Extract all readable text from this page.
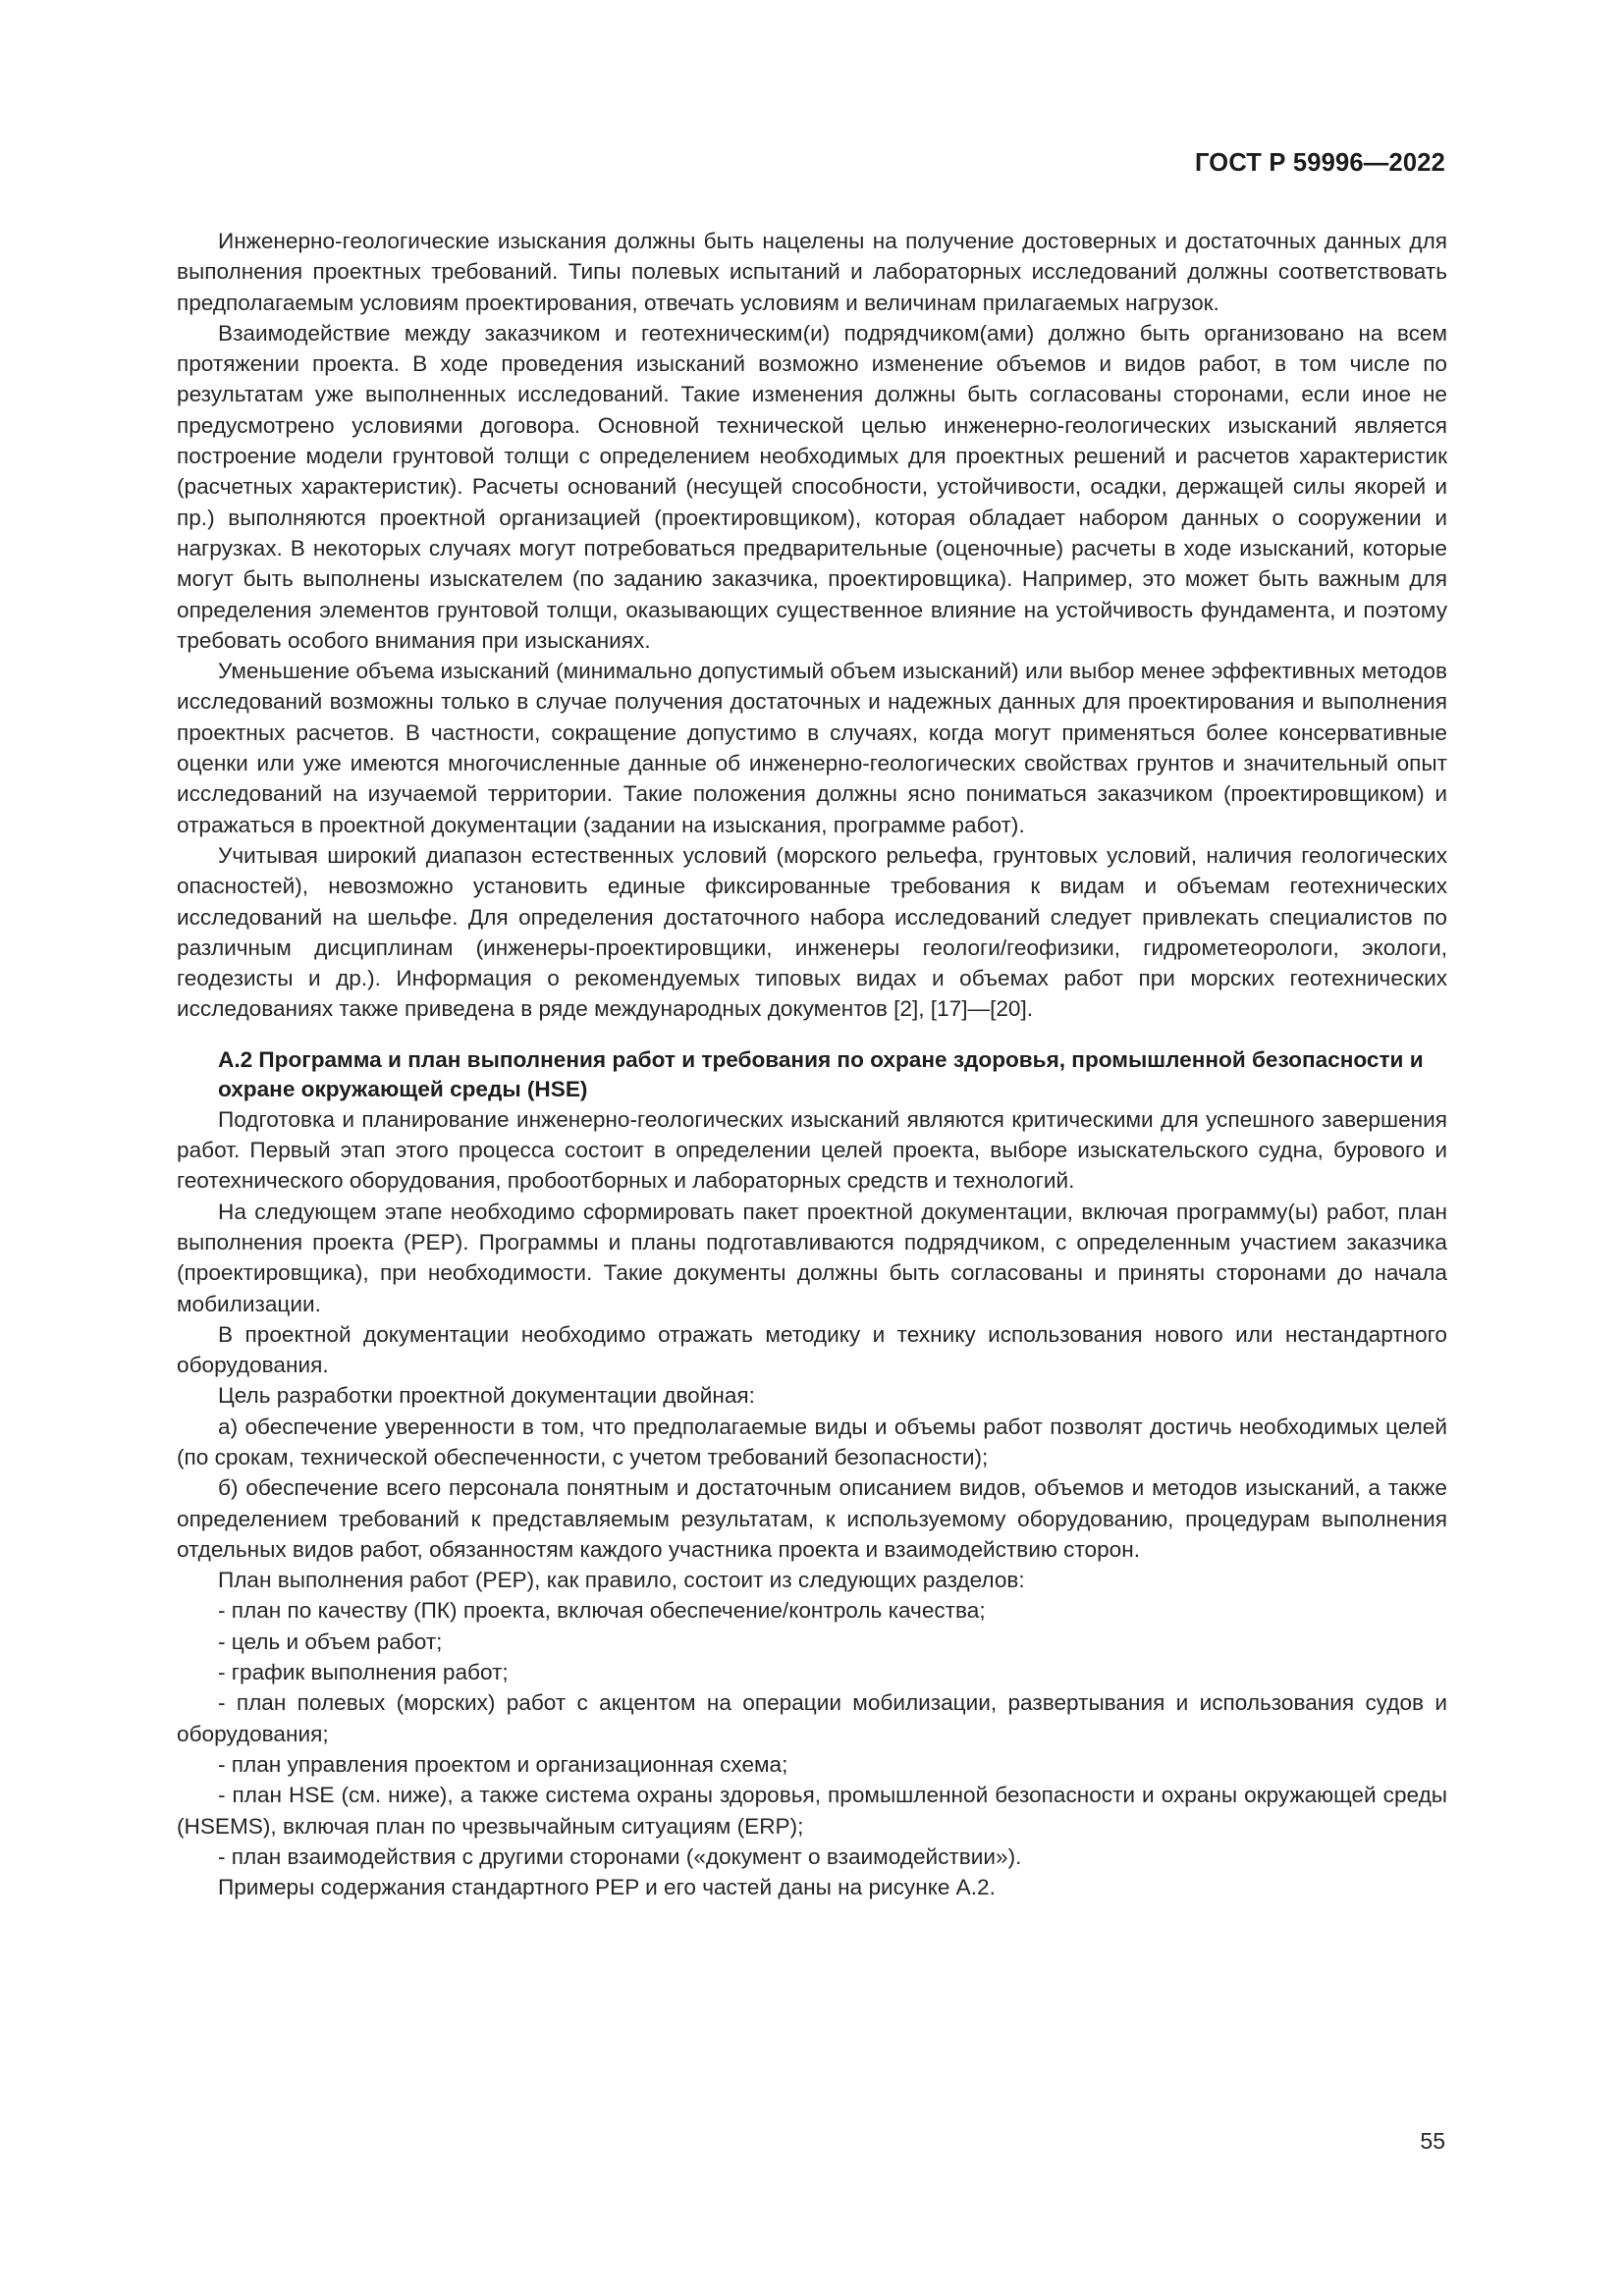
ГОСТ Р 59996—2022

Инженерно-геологические изыскания должны быть нацелены на получение достоверных и достаточных данных для выполнения проектных требований. Типы полевых испытаний и лабораторных исследований должны соответствовать предполагаемым условиям проектирования, отвечать условиям и величинам прилагаемых нагрузок.

Взаимодействие между заказчиком и геотехническим(и) подрядчиком(ами) должно быть организовано на всем протяжении проекта. В ходе проведения изысканий возможно изменение объемов и видов работ, в том числе по результатам уже выполненных исследований. Такие изменения должны быть согласованы сторонами, если иное не предусмотрено условиями договора. Основной технической целью инженерно-геологических изысканий является построение модели грунтовой толщи с определением необходимых для проектных решений и расчетов характеристик (расчетных характеристик). Расчеты оснований (несущей способности, устойчивости, осадки, держащей силы якорей и пр.) выполняются проектной организацией (проектировщиком), которая обладает набором данных о сооружении и нагрузках. В некоторых случаях могут потребоваться предварительные (оценочные) расчеты в ходе изысканий, которые могут быть выполнены изыскателем (по заданию заказчика, проектировщика). Например, это может быть важным для определения элементов грунтовой толщи, оказывающих существенное влияние на устойчивость фундамента, и поэтому требовать особого внимания при изысканиях.

Уменьшение объема изысканий (минимально допустимый объем изысканий) или выбор менее эффективных методов исследований возможны только в случае получения достаточных и надежных данных для проектирования и выполнения проектных расчетов. В частности, сокращение допустимо в случаях, когда могут применяться более консервативные оценки или уже имеются многочисленные данные об инженерно-геологических свойствах грунтов и значительный опыт исследований на изучаемой территории. Такие положения должны ясно пониматься заказчиком (проектировщиком) и отражаться в проектной документации (задании на изыскания, программе работ).

Учитывая широкий диапазон естественных условий (морского рельефа, грунтовых условий, наличия геологических опасностей), невозможно установить единые фиксированные требования к видам и объемам геотехнических исследований на шельфе. Для определения достаточного набора исследований следует привлекать специалистов по различным дисциплинам (инженеры-проектировщики, инженеры геологи/геофизики, гидрометеорологи, экологи, геодезисты и др.). Информация о рекомендуемых типовых видах и объемах работ при морских геотехнических исследованиях также приведена в ряде международных документов [2], [17]—[20].

А.2 Программа и план выполнения работ и требования по охране здоровья, промышленной безопасности и охране окружающей среды (HSE)

Подготовка и планирование инженерно-геологических изысканий являются критическими для успешного завершения работ. Первый этап этого процесса состоит в определении целей проекта, выборе изыскательского судна, бурового и геотехнического оборудования, пробоотборных и лабораторных средств и технологий.

На следующем этапе необходимо сформировать пакет проектной документации, включая программу(ы) работ, план выполнения проекта (PEP). Программы и планы подготавливаются подрядчиком, с определенным участием заказчика (проектировщика), при необходимости. Такие документы должны быть согласованы и приняты сторонами до начала мобилизации.

В проектной документации необходимо отражать методику и технику использования нового или нестандартного оборудования.

Цель разработки проектной документации двойная:

а) обеспечение уверенности в том, что предполагаемые виды и объемы работ позволят достичь необходимых целей (по срокам, технической обеспеченности, с учетом требований безопасности);

б) обеспечение всего персонала понятным и достаточным описанием видов, объемов и методов изысканий, а также определением требований к представляемым результатам, к используемому оборудованию, процедурам выполнения отдельных видов работ, обязанностям каждого участника проекта и взаимодействию сторон.

План выполнения работ (PEP), как правило, состоит из следующих разделов:

- план по качеству (ПК) проекта, включая обеспечение/контроль качества;

- цель и объем работ;

- график выполнения работ;

- план полевых (морских) работ с акцентом на операции мобилизации, развертывания и использования судов и оборудования;

- план управления проектом и организационная схема;

- план HSE (см. ниже), а также система охраны здоровья, промышленной безопасности и охраны окружающей среды (HSEMS), включая план по чрезвычайным ситуациям (ERP);

- план взаимодействия с другими сторонами («документ о взаимодействии»).

Примеры содержания стандартного PEP и его частей даны на рисунке А.2.

55
